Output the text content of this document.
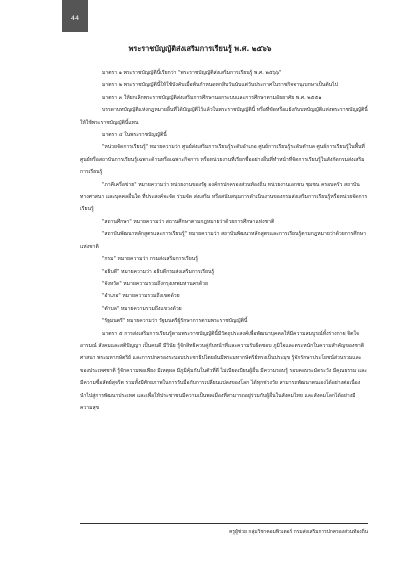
44
พระราชบัญญัติส่งเสริมการเรียนรู้ พ.ศ. ๒๕๖๖

มาตรา ๑ พระราชบัญญัตินี้เรียกว่า "พระราชบัญญัติส่งเสริมการเรียนรู้ พ.ศ. ๒๕๖๖"

มาตรา ๒ พระราชบัญญัตินี้ให้ใช้บังคับเมื่อพ้นกำหนดหกสิบวันนับแต่วันประกาศในราชกิจจานุเบกษาเป็นต้นไป

มาตรา ๓ ให้ยกเลิกพระราชบัญญัติส่งเสริมการศึกษานอกระบบและการศึกษาตามอัธยาศัย พ.ศ. ๒๕๕๑

บรรดาบทบัญญัติแห่งกฎหมายอื่นที่ได้บัญญัติไว้แล้วในพระราชบัญญัตินี้ หรือที่ขัดหรือแย้งกับบทบัญญัติแห่งพระราชบัญญัตินี้ ให้ใช้พระราชบัญญัตินี้แทน

มาตรา ๔ ในพระราชบัญญัตินี้

"หน่วยจัดการเรียนรู้" หมายความว่า ศูนย์ส่งเสริมการเรียนรู้ระดับอำเภอ ศูนย์การเรียนรู้ระดับตำบล ศูนย์การเรียนรู้ในพื้นที่ ศูนย์หรือสถาบันการเรียนรู้เฉพาะด้านหรือเฉพาะกิจการ หรือหน่วยงานที่เรียกชื่ออย่างอื่นที่ทำหน้าที่จัดการเรียนรู้ในสังกัดกรมส่งเสริมการเรียนรู้

"ภาคีเครือข่าย" หมายความว่า หน่วยงานของรัฐ องค์กรปกครองส่วนท้องถิ่น หน่วยงานเอกชน ชุมชน ครอบครัว สถาบันทางศาสนา และบุคคลอื่นใด ที่ประสงค์จะจัด ร่วมจัด ส่งเสริม หรือสนับสนุนการดำเนินงานของกรมส่งเสริมการเรียนรู้หรือหน่วยจัดการเรียนรู้

"สถานศึกษา" หมายความว่า สถานศึกษาตามกฎหมายว่าด้วยการศึกษาแห่งชาติ

"สถาบันพัฒนาหลักสูตรและการเรียนรู้" หมายความว่า สถาบันพัฒนาหลักสูตรและการเรียนรู้ตามกฎหมายว่าด้วยการศึกษาแห่งชาติ

"กรม" หมายความว่า กรมส่งเสริมการเรียนรู้

"อธิบดี" หมายความว่า อธิบดีกรมส่งเสริมการเรียนรู้

"จังหวัด" หมายความรวมถึงกรุงเทพมหานครด้วย

"อำเภอ" หมายความรวมถึงเขตด้วย

"ตำบล" หมายความรวมถึงแขวงด้วย

"รัฐมนตรี" หมายความว่า รัฐมนตรีผู้รักษาการตามพระราชบัญญัตินี้

มาตรา ๕ การส่งเสริมการเรียนรู้ตามพระราชบัญญัตินี้มีวัตถุประสงค์เพื่อพัฒนาบุคคลให้มีความสมบูรณ์ทั้งร่างกาย จิตใจ อารมณ์ สังคมและสติปัญญา เป็นคนดี มีวินัย รู้จักสิทธิควบคู่กับหน้าที่และความรับผิดชอบ ภูมิใจและตระหนักในความสำคัญของชาติ ศาสนา พระมหากษัตริย์ และการปกครองระบอบประชาธิปไตยอันมีพระมหากษัตริย์ทรงเป็นประมุข รู้จักรักษาประโยชน์ส่วนรวมและของประเทศชาติ รู้จักความพอเพียง มีเหตุผล มีภูมิคุ้มกันในตัวที่ดี ไม่เบียดเบียนผู้อื่น มีความรอบรู้ รอบคอบระมัดระวัง มีคุณธรรม และมีความซื่อสัตย์สุจริต รวมทั้งมีศักยภาพในการรับมือกับการเปลี่ยนแปลงของโลก ได้ทุกช่วงวัย สามารถพัฒนาตนเองได้อย่างต่อเนื่อง นำไปสู่การพัฒนาประเทศ และเพื่อให้ประชาชนมีความเป็นพลเมืองที่สามารถอยู่ร่วมกับผู้อื่นในสังคมไทย และสังคมโลกได้อย่างมีความสุข

ครูผู้ช่วย กลุ่มวิชาคอมพิวเตอร์ กรมส่งเสริมการปกครองส่วนท้องถิ่น
